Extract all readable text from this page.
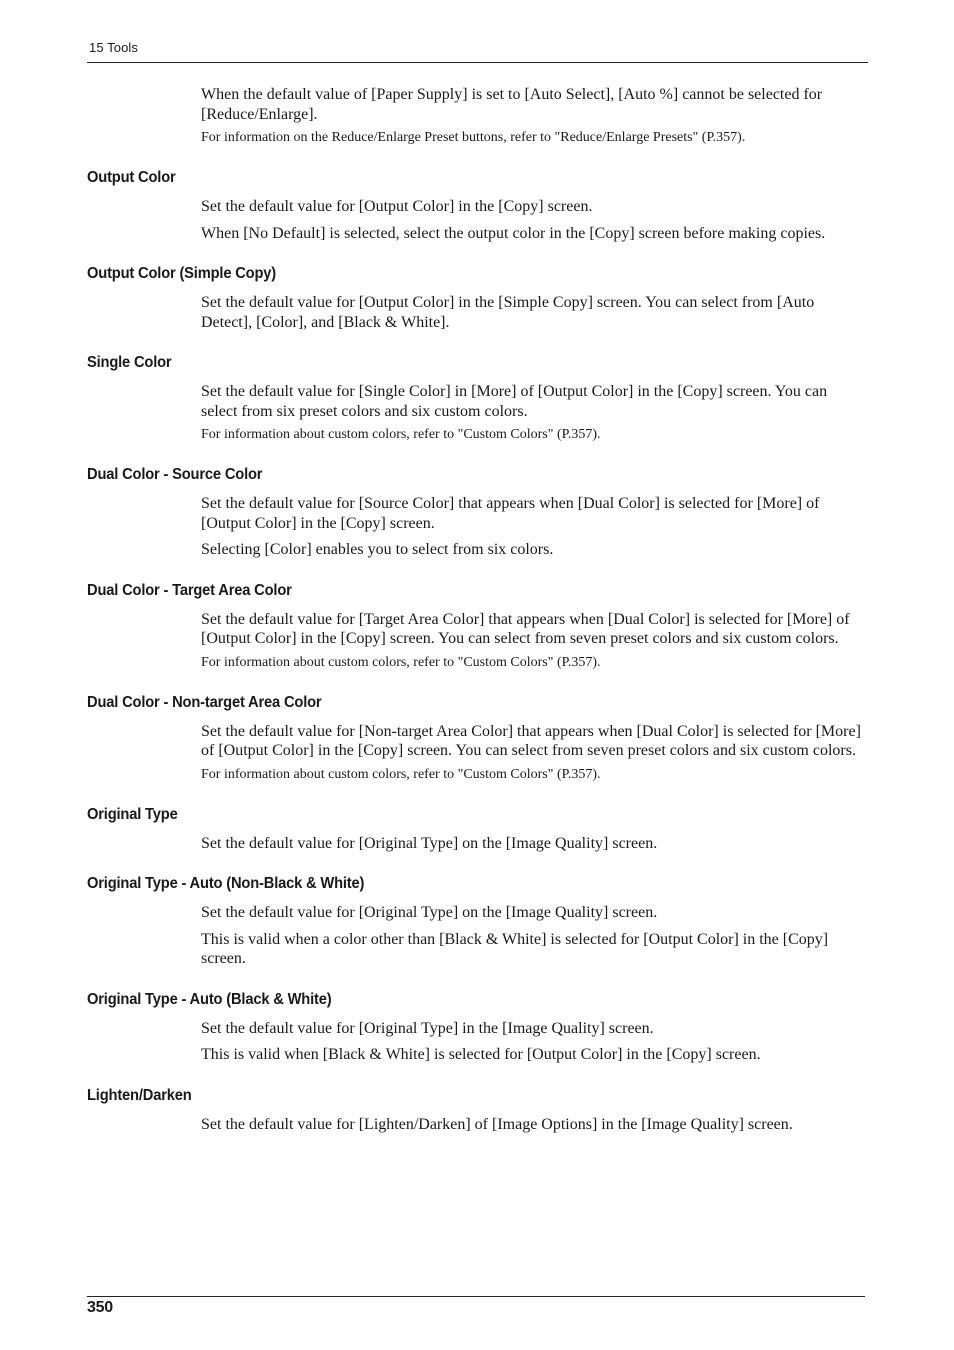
15 Tools

When the default value of [Paper Supply] is set to [Auto Select], [Auto %] cannot be selected for [Reduce/Enlarge].

For information on the Reduce/Enlarge Preset buttons, refer to "Reduce/Enlarge Presets" (P.357).

Output Color

Set the default value for [Output Color] in the [Copy] screen.

When [No Default] is selected, select the output color in the [Copy] screen before making copies.

Output Color (Simple Copy)

Set the default value for [Output Color] in the [Simple Copy] screen. You can select from [Auto Detect], [Color], and [Black & White].

Single Color

Set the default value for [Single Color] in [More] of [Output Color] in the [Copy] screen. You can select from six preset colors and six custom colors.

For information about custom colors, refer to "Custom Colors" (P.357).

Dual Color - Source Color

Set the default value for [Source Color] that appears when [Dual Color] is selected for [More] of [Output Color] in the [Copy] screen.

Selecting [Color] enables you to select from six colors.

Dual Color - Target Area Color

Set the default value for [Target Area Color] that appears when [Dual Color] is selected for [More] of [Output Color] in the [Copy] screen. You can select from seven preset colors and six custom colors.

For information about custom colors, refer to "Custom Colors" (P.357).

Dual Color - Non-target Area Color

Set the default value for [Non-target Area Color] that appears when [Dual Color] is selected for [More] of [Output Color] in the [Copy] screen. You can select from seven preset colors and six custom colors.

For information about custom colors, refer to "Custom Colors" (P.357).

Original Type

Set the default value for [Original Type] on the [Image Quality] screen.

Original Type - Auto (Non-Black & White)

Set the default value for [Original Type] on the [Image Quality] screen.

This is valid when a color other than [Black & White] is selected for [Output Color] in the [Copy] screen.

Original Type - Auto (Black & White)

Set the default value for [Original Type] in the [Image Quality] screen.

This is valid when [Black & White] is selected for [Output Color] in the [Copy] screen.

Lighten/Darken

Set the default value for [Lighten/Darken] of [Image Options] in the [Image Quality] screen.

350
